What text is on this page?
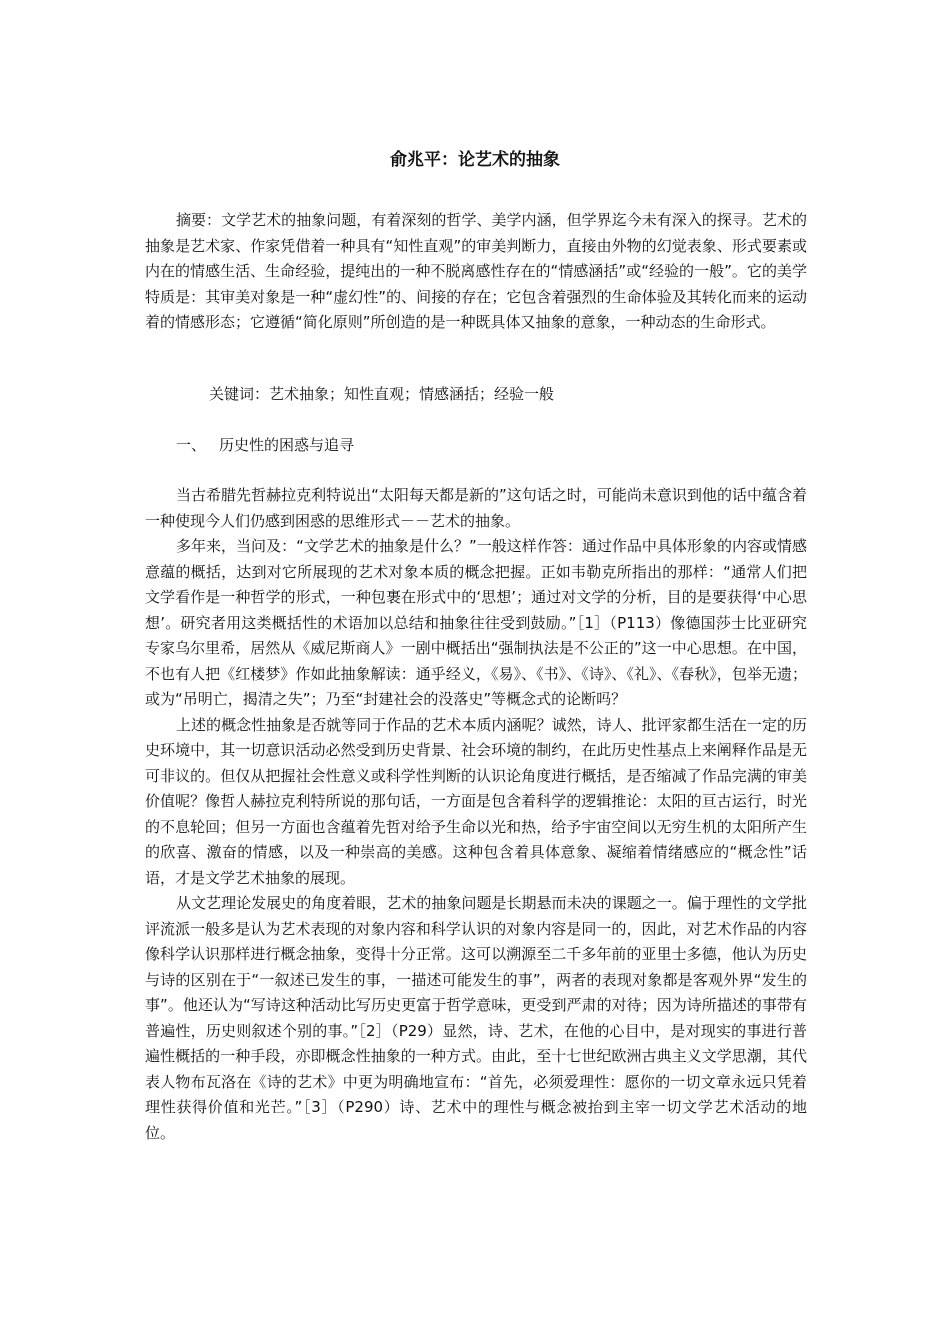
俞兆平：论艺术的抽象
摘要：文学艺术的抽象问题，有着深刻的哲学、美学内涵，但学界迄今未有深入的探寻。艺术的抽象是艺术家、作家凭借着一种具有“知性直观”的审美判断力，直接由外物的幻觉表象、形式要素或内在的情感生活、生命经验，提纯出的一种不脱离感性存在的“情感涵括”或“经验的一般”。它的美学特质是：其审美对象是一种“虚幻性”的、间接的存在；它包含着强烈的生命体验及其转化而来的运动着的情感形态；它遵循“简化原则”所创造的是一种既具体又抽象的意象，一种动态的生命形式。
关键词：艺术抽象；知性直观；情感涵括；经验一般
一、 历史性的困惑与追寻

当古希腊先哲赫拉克利特说出“太阳每天都是新的”这句话之时，可能尚未意识到他的话中蕴含着一种使现今人们仍感到困惑的思维形式－－艺术的抽象。

多年来，当问及：“文学艺术的抽象是什么？”一般这样作答：通过作品中具体形象的内容或情感意蕴的概括，达到对它所展现的艺术对象本质的概念把握。正如韦勒克所指出的那样：“通常人们把文学看作是一种哲学的形式，一种包裹在形式中的‘思想’；通过对文学的分析，目的是要获得‘中心思想’。研究者用这类概括性的术语加以总结和抽象往往受到鼓励。”［1］（P113）像德国莎士比亚研究专家乌尔里希，居然从《威尼斯商人》一剧中概括出“强制执法是不公正的”这一中心思想。在中国，不也有人把《红楼梦》作如此抽象解读：通乎经义，《易》、《书》、《诗》、《礼》、《春秋》，包举无遗；或为“吊明亡，揭清之失”；乃至“封建社会的没落史”等概念式的论断吗？

上述的概念性抽象是否就等同于作品的艺术本质内涵呢？诚然，诗人、批评家都生活在一定的历史环境中，其一切意识活动必然受到历史背景、社会环境的制约，在此历史性基点上来阐释作品是无可非议的。但仅从把握社会性意义或科学性判断的认识论角度进行概括，是否缩减了作品完满的审美价值呢？像哲人赫拉克利特所说的那句话，一方面是包含着科学的逻辑推论：太阳的亘古运行，时光的不息轮回；但另一方面也含蕴着先哲对给予生命以光和热，给予宇宙空间以无穷生机的太阳所产生的欣喜、激奋的情感，以及一种崇高的美感。这种包含着具体意象、凝缩着情绪感应的“概念性”话语，才是文学艺术抽象的展现。

从文艺理论发展史的角度着眼，艺术的抽象问题是长期悬而未决的课题之一。偏于理性的文学批评流派一般多是认为艺术表现的对象内容和科学认识的对象内容是同一的，因此，对艺术作品的内容像科学认识那样进行概念抽象，变得十分正常。这可以溯源至二千多年前的亚里士多德，他认为历史与诗的区别在于“一叙述已发生的事，一描述可能发生的事”，两者的表现对象都是客观外界“发生的事”。他还认为“写诗这种活动比写历史更富于哲学意味，更受到严肃的对待；因为诗所描述的事带有普遍性，历史则叙述个别的事。”［2］（P29）显然，诗、艺术，在他的心目中，是对现实的事进行普遍性概括的一种手段，亦即概念性抽象的一种方式。由此，至十七世纪欧洲古典主义文学思潮，其代表人物布瓦洛在《诗的艺术》中更为明确地宣布：“首先，必须爱理性：愿你的一切文章永远只凭着理性获得价值和光芒。”［3］（P290）诗、艺术中的理性与概念被抬到主宰一切文学艺术活动的地位。
